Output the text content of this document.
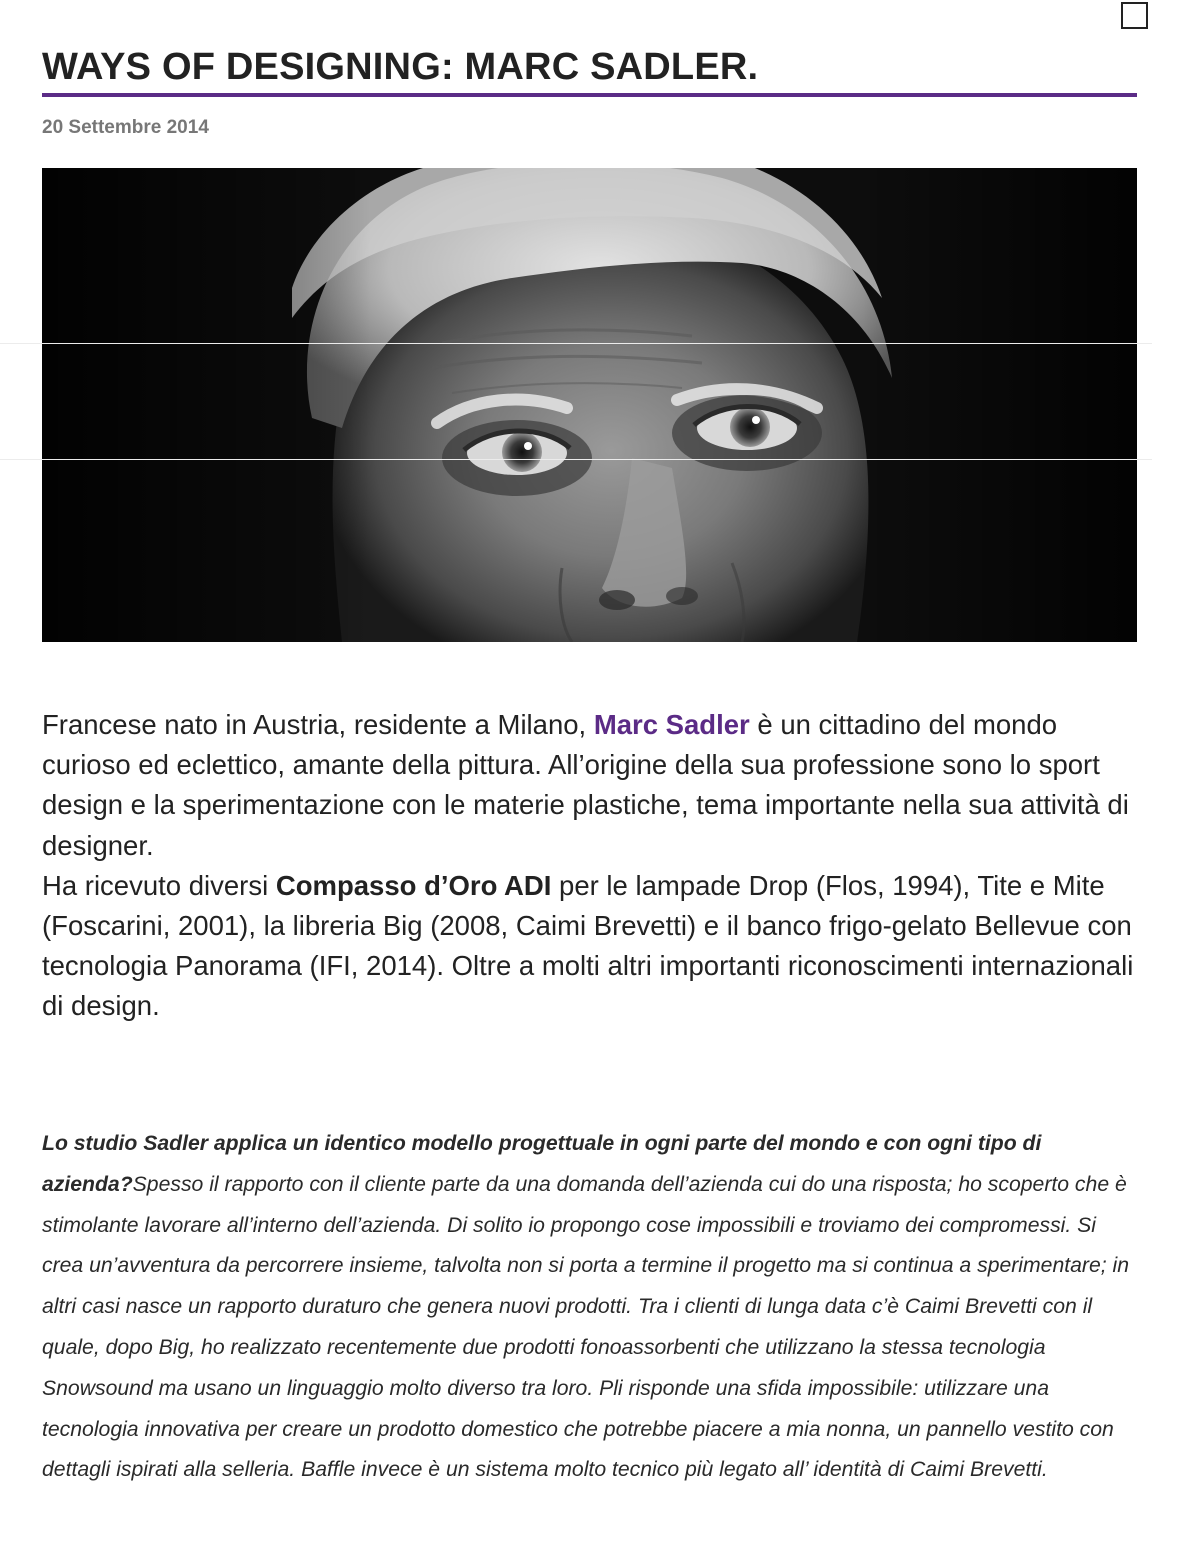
WAYS OF DESIGNING: MARC SADLER.
20 Settembre 2014

Francese nato in Austria, residente a Milano, Marc Sadler è un cittadino del mondo curioso ed eclettico, amante della pittura. All’origine della sua professione sono lo sport design e la sperimentazione con le materie plastiche, tema importante nella sua attività di designer.
Ha ricevuto diversi Compasso d’Oro ADI per le lampade Drop (Flos, 1994), Tite e Mite (Foscarini, 2001), la libreria Big (2008, Caimi Brevetti) e il banco frigo-gelato Bellevue con tecnologia Panorama (IFI, 2014). Oltre a molti altri importanti riconoscimenti internazionali di design.

Lo studio Sadler applica un identico modello progettuale in ogni parte del mondo e con ogni tipo di azienda?Spesso il rapporto con il cliente parte da una domanda dell’azienda cui do una risposta; ho scoperto che è stimolante lavorare all’interno dell’azienda. Di solito io propongo cose impossibili e troviamo dei compromessi. Si crea un’avventura da percorrere insieme, talvolta non si porta a termine il progetto ma si continua a sperimentare; in altri casi nasce un rapporto duraturo che genera nuovi prodotti. Tra i clienti di lunga data c’è Caimi Brevetti con il quale, dopo Big, ho realizzato recentemente due prodotti fonoassorbenti che utilizzano la stessa tecnologia Snowsound ma usano un linguaggio molto diverso tra loro. Pli risponde una sfida impossibile: utilizzare una tecnologia innovativa per creare un prodotto domestico che potrebbe piacere a mia nonna, un pannello vestito con dettagli ispirati alla selleria. Baffle invece è un sistema molto tecnico più legato all’ identità di Caimi Brevetti.
